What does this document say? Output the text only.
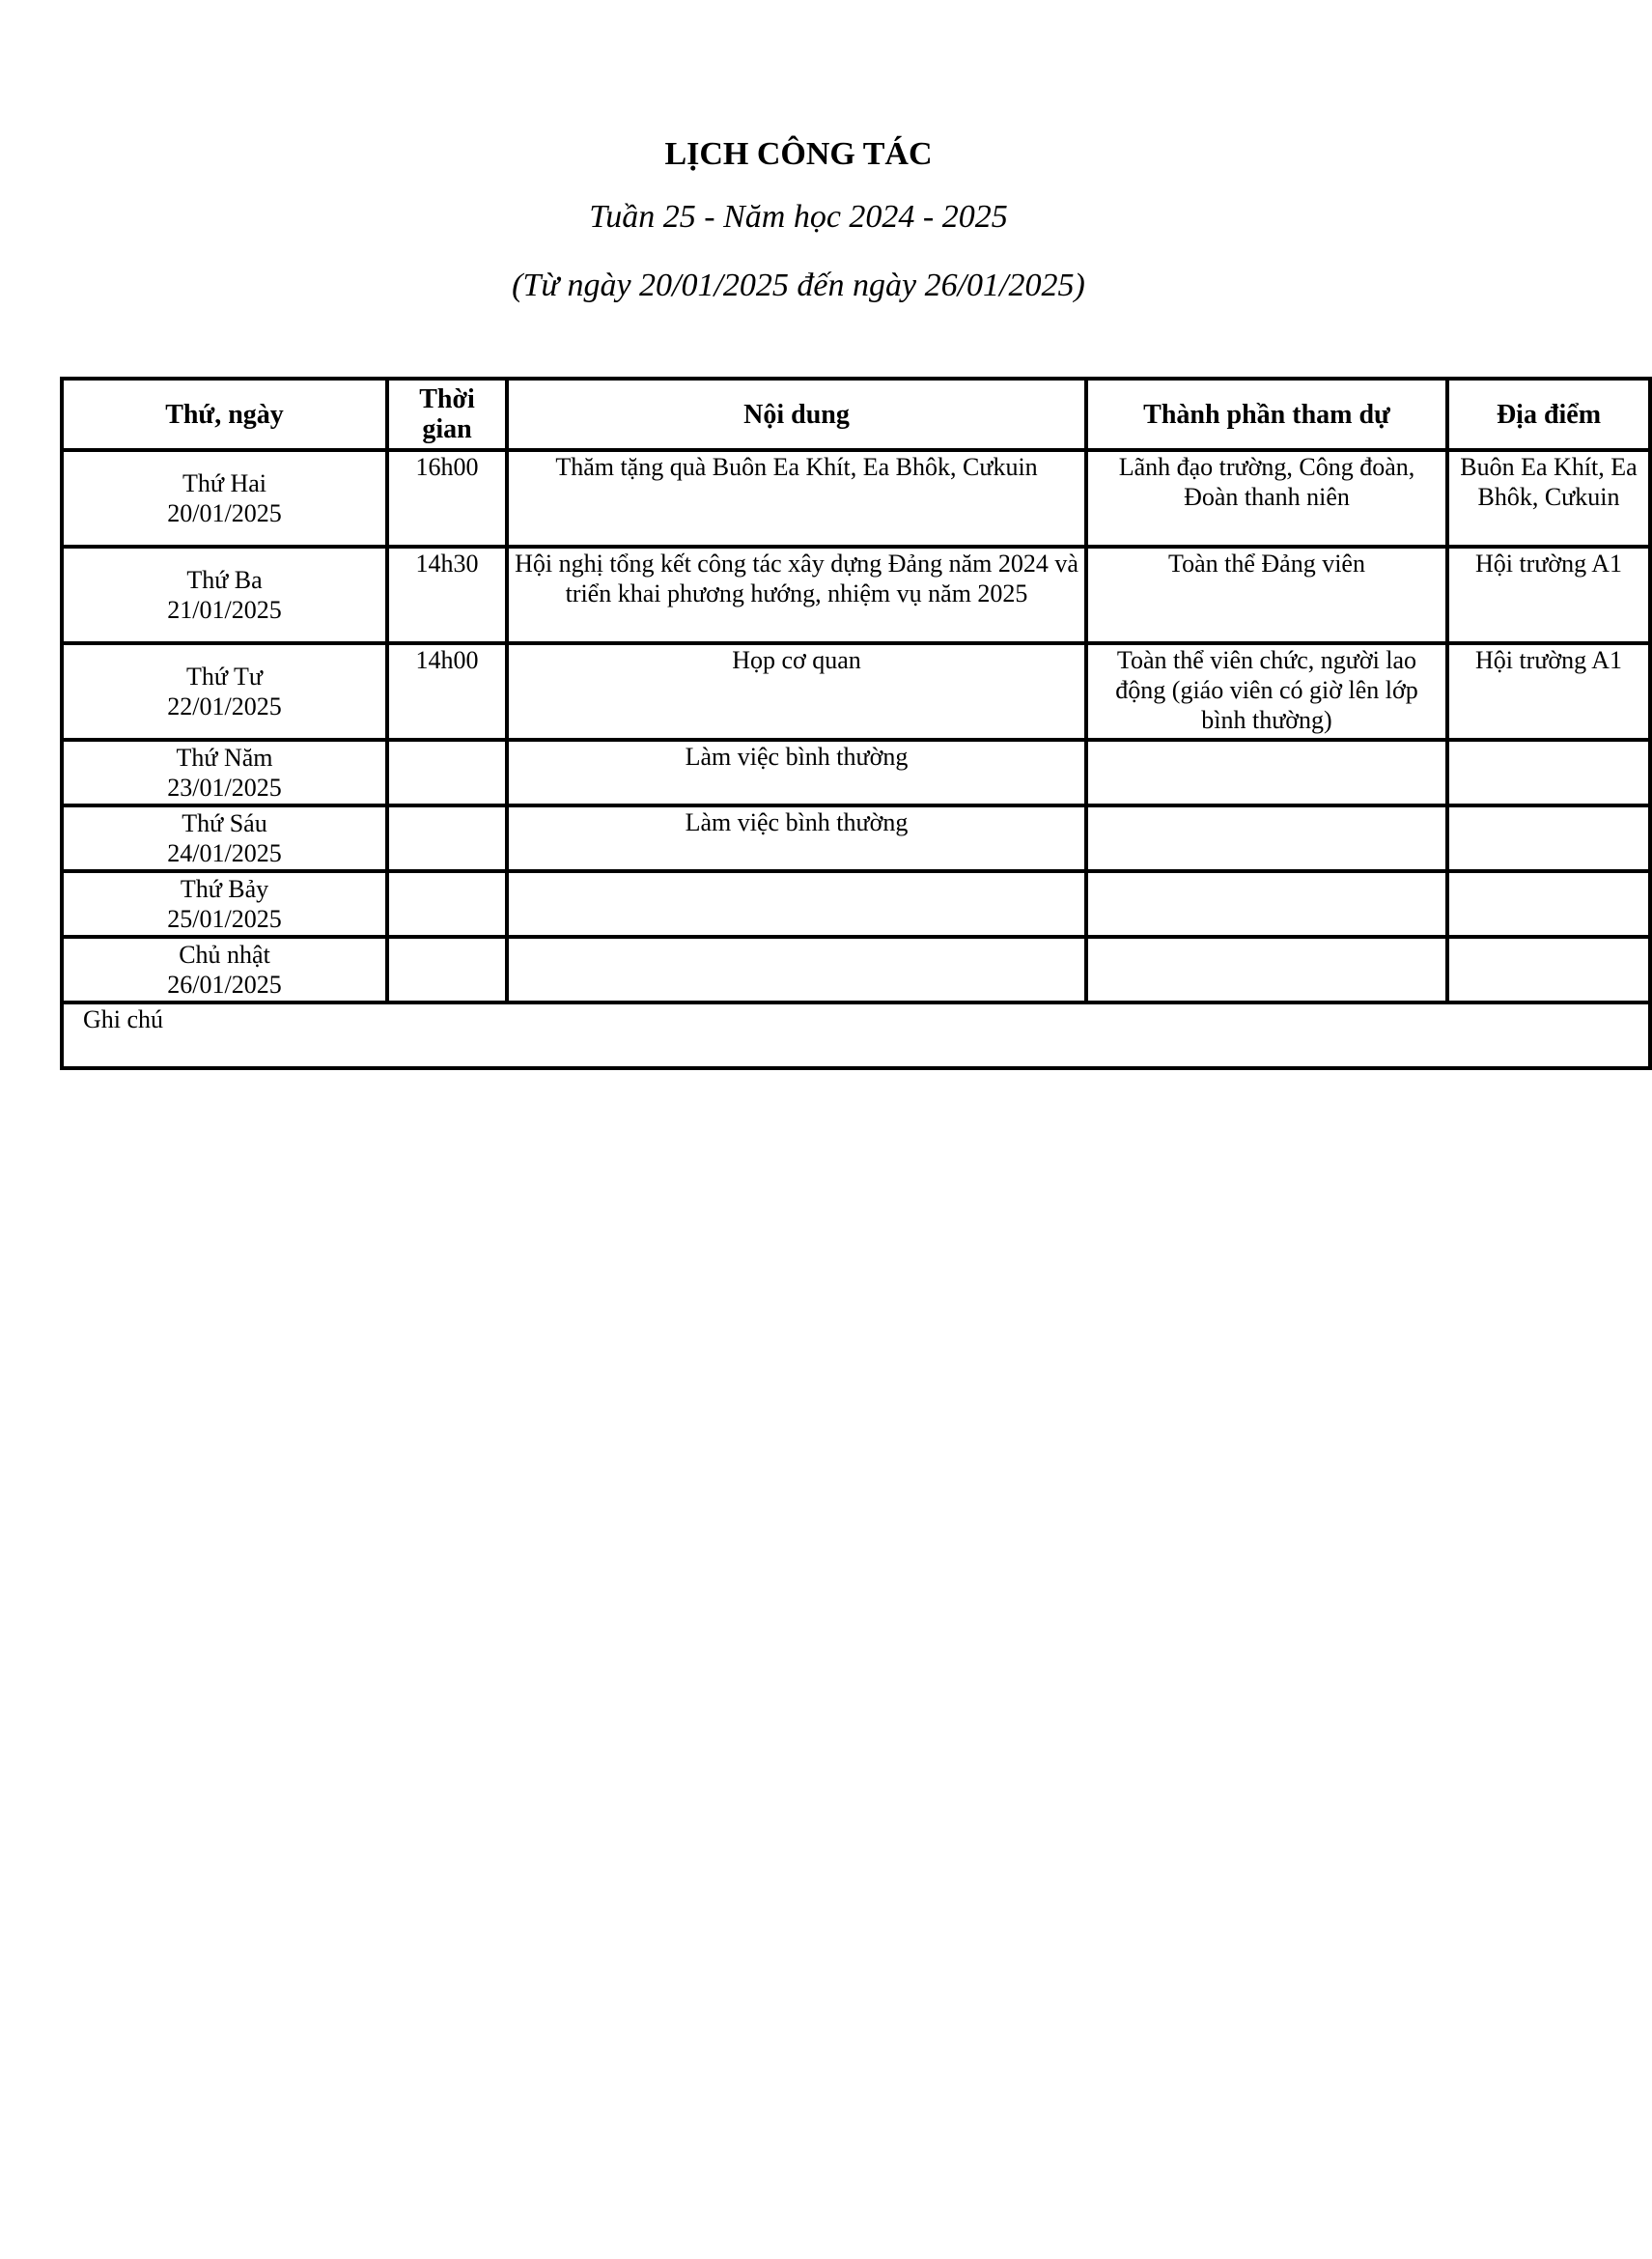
LỊCH CÔNG TÁC
Tuần 25 - Năm học 2024 - 2025
(Từ ngày 20/01/2025 đến ngày 26/01/2025)
Thứ, ngày	Thời gian	Nội dung	Thành phần tham dự	Địa điểm

Thứ Hai
20/01/2025	16h00	Thăm tặng quà Buôn Ea Khít, Ea Bhôk, Cưkuin	Lãnh đạo trường, Công đoàn, Đoàn thanh niên	Buôn Ea Khít, Ea Bhôk, Cưkuin

Thứ Ba
21/01/2025	14h30	Hội nghị tổng kết công tác xây dựng Đảng năm 2024 và triển khai phương hướng, nhiệm vụ năm 2025	Toàn thể Đảng viên	Hội trường A1

Thứ Tư
22/01/2025	14h00	Họp cơ quan	Toàn thể viên chức, người lao động (giáo viên có giờ lên lớp bình thường)	Hội trường A1

Thứ Năm
23/01/2025		Làm việc bình thường		

Thứ Sáu
24/01/2025		Làm việc bình thường		

Thứ Bảy
25/01/2025				

Chủ nhật
26/01/2025				

Ghi chú				
